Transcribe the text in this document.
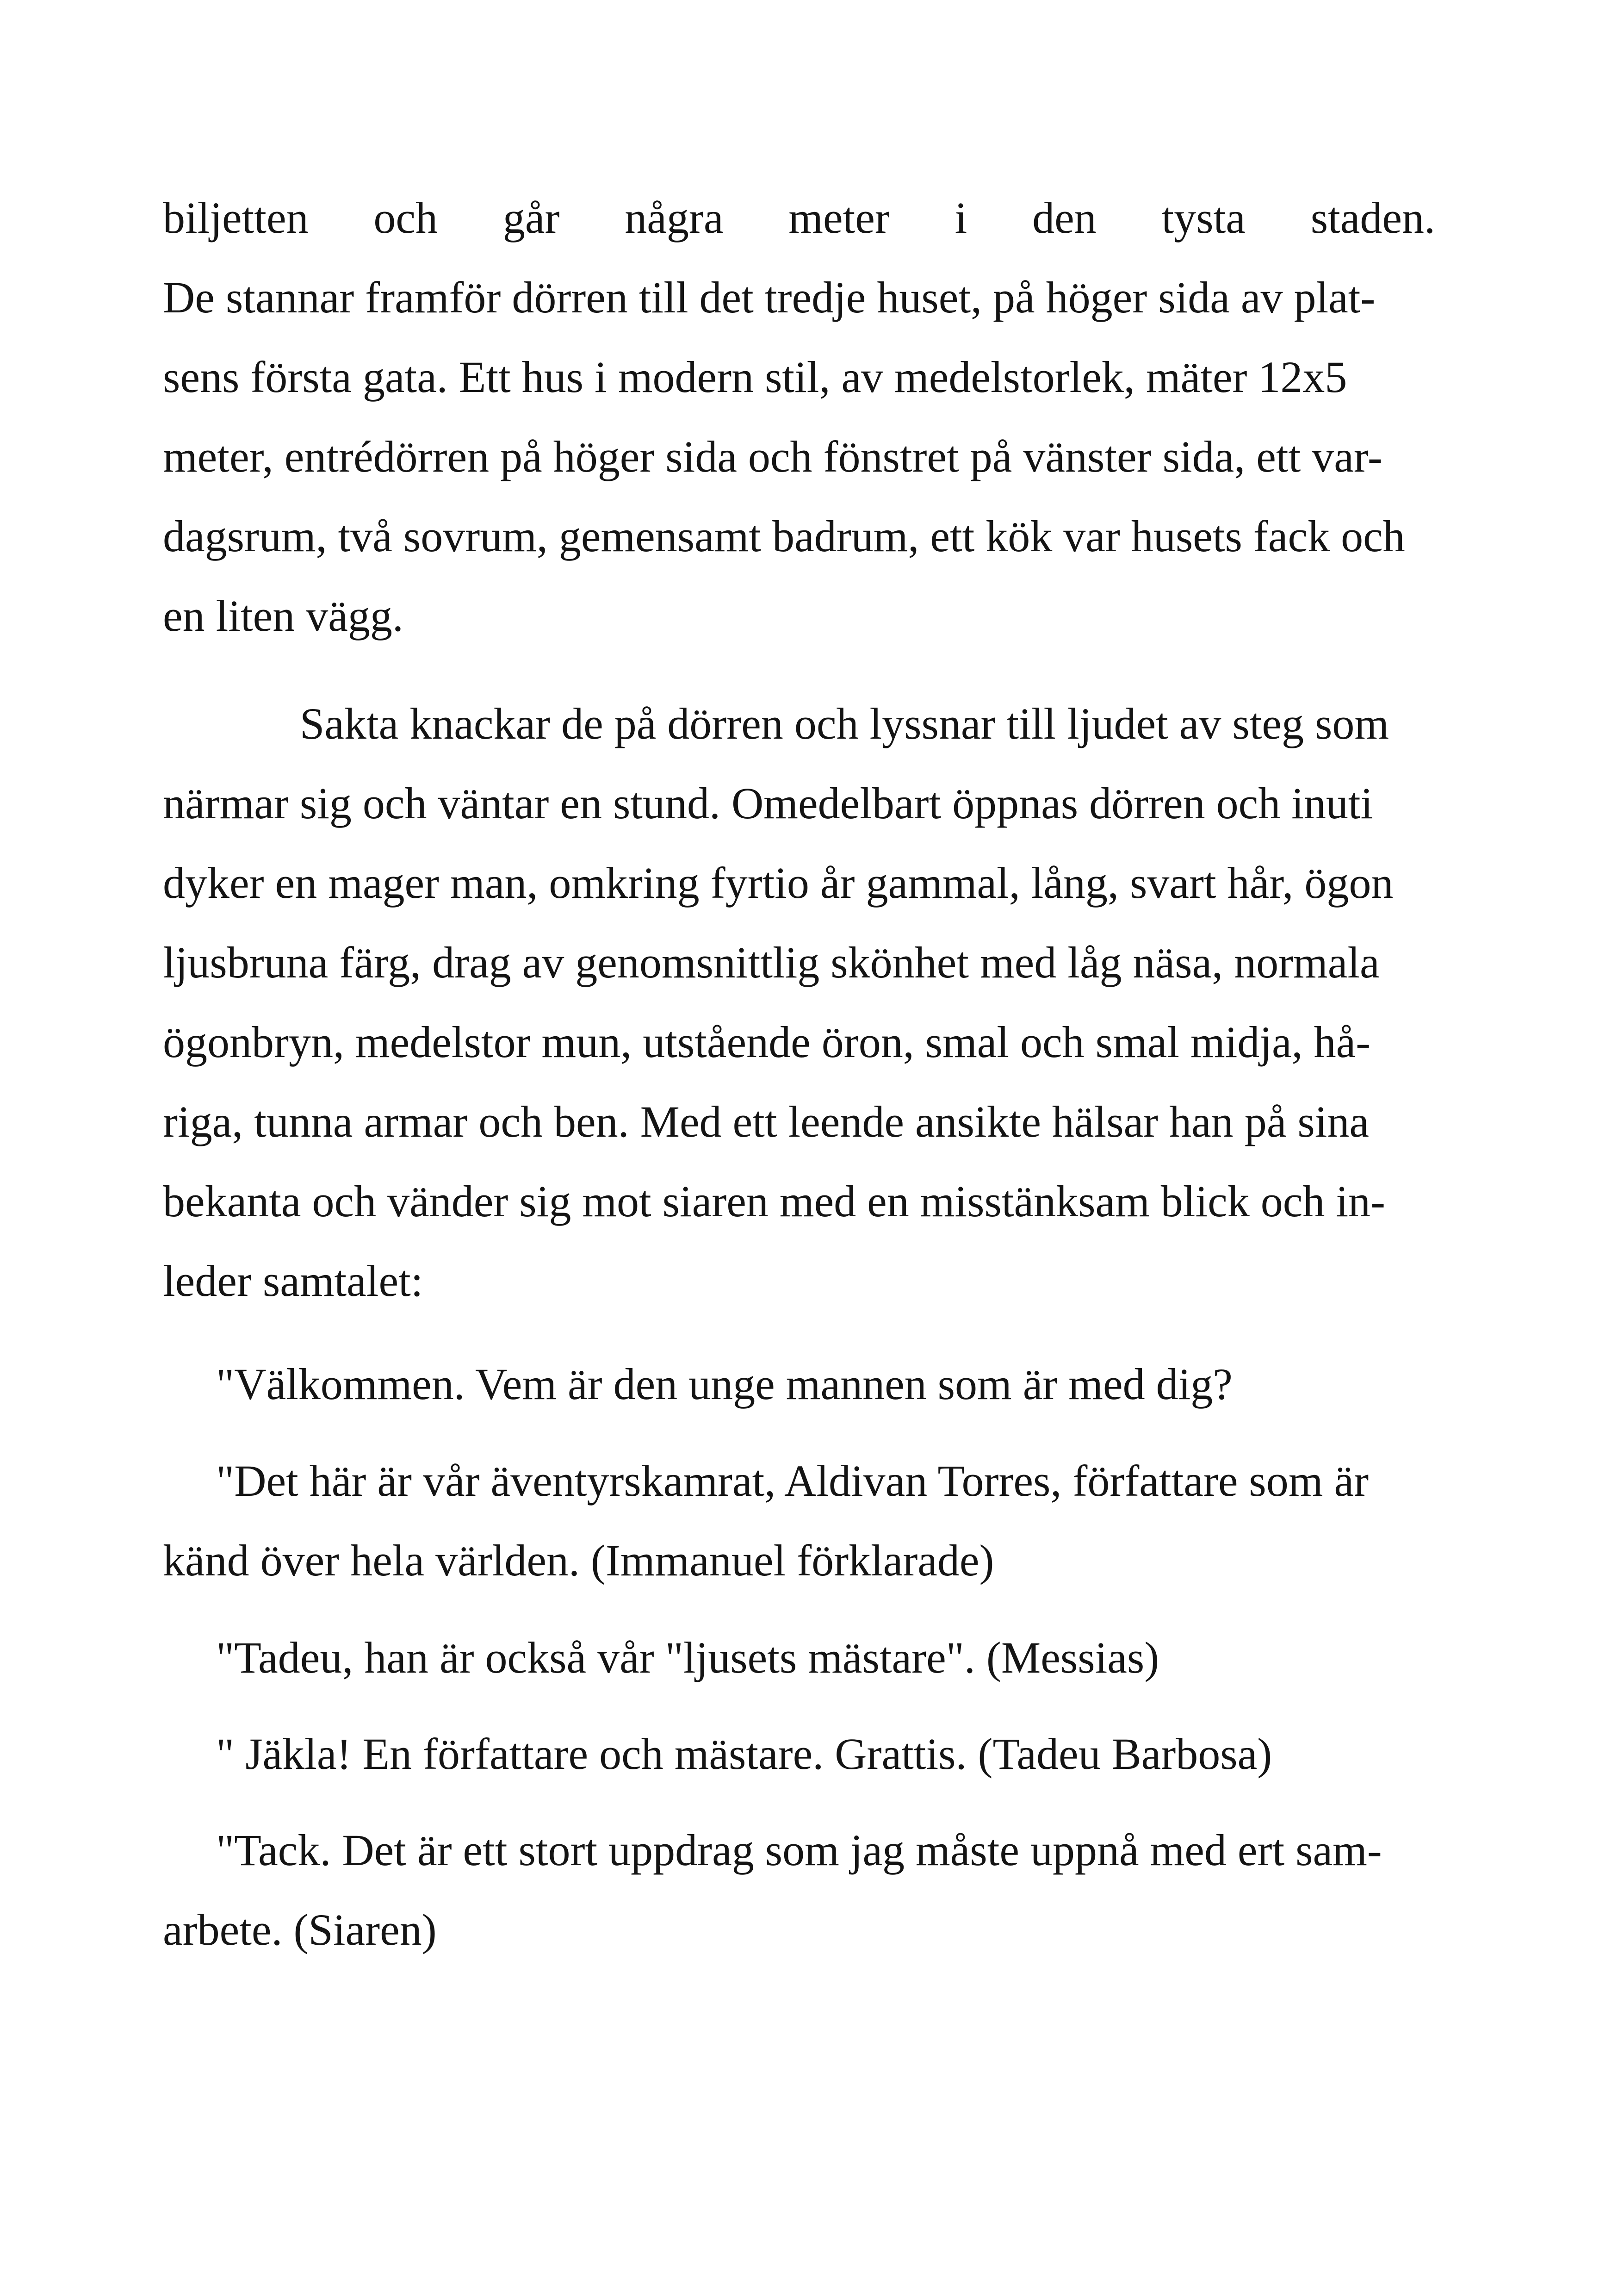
biljetten och går några meter i den tysta staden.
De stannar framför dörren till det tredje huset, på höger sida av plat-
sens första gata. Ett hus i modern stil, av medelstorlek, mäter 12x5
meter, entrédörren på höger sida och fönstret på vänster sida, ett var-
dagsrum, två sovrum, gemensamt badrum, ett kök var husets fack och
en liten vägg.
Sakta knackar de på dörren och lyssnar till ljudet av steg som
närmar sig och väntar en stund. Omedelbart öppnas dörren och inuti
dyker en mager man, omkring fyrtio år gammal, lång, svart hår, ögon
ljusbruna färg, drag av genomsnittlig skönhet med låg näsa, normala
ögonbryn, medelstor mun, utstående öron, smal och smal midja, hå-
riga, tunna armar och ben. Med ett leende ansikte hälsar han på sina
bekanta och vänder sig mot siaren med en misstänksam blick och in-
leder samtalet:
"Välkommen. Vem är den unge mannen som är med dig?
"Det här är vår äventyrskamrat, Aldivan Torres, författare som är
känd över hela världen. (Immanuel förklarade)
"Tadeu, han är också vår "ljusets mästare". (Messias)
" Jäkla! En författare och mästare. Grattis. (Tadeu Barbosa)
"Tack. Det är ett stort uppdrag som jag måste uppnå med ert sam-
arbete. (Siaren)
